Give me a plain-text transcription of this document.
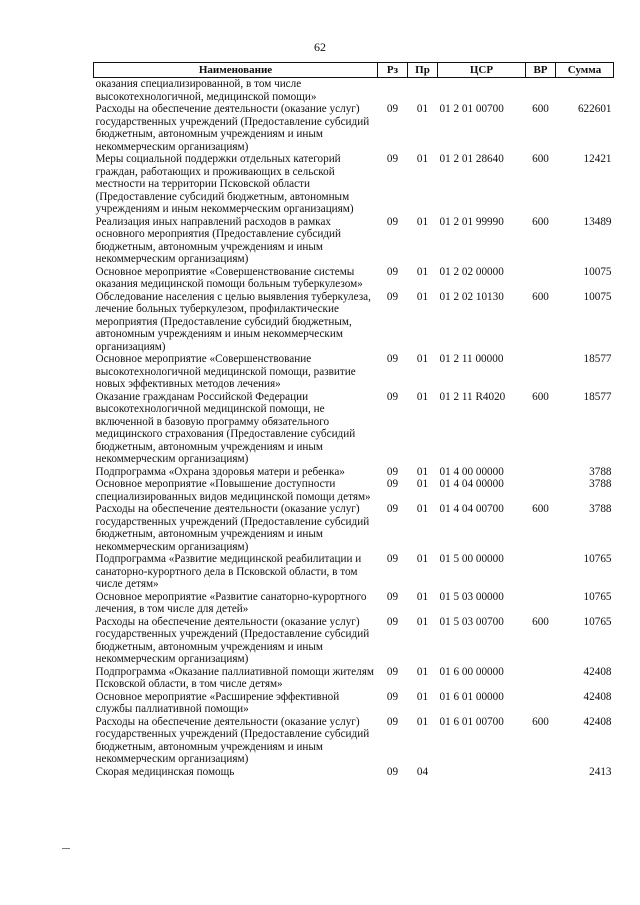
62
Наименование	Рз	Пр	ЦСР	ВР	Сумма
оказания специализированной, в том числе высокотехнологичной, медицинской помощи»					
Расходы на обеспечение деятельности (оказание услуг) государственных учреждений (Предоставление субсидий бюджетным, автономным учреждениям и иным некоммерческим организациям)	09	01	01 2 01 00700	600	622601
Меры социальной поддержки отдельных категорий граждан, работающих и проживающих в сельской местности на территории Псковской области (Предоставление субсидий бюджетным, автономным учреждениям и иным некоммерческим организациям)	09	01	01 2 01 28640	600	12421
Реализация иных направлений расходов в рамках основного мероприятия (Предоставление субсидий бюджетным, автономным учреждениям и иным некоммерческим организациям)	09	01	01 2 01 99990	600	13489
Основное мероприятие «Совершенствование системы оказания медицинской помощи больным туберкулезом»	09	01	01 2 02 00000		10075
Обследование населения с целью выявления туберкулеза, лечение больных туберкулезом, профилактические мероприятия (Предоставление субсидий бюджетным, автономным учреждениям и иным некоммерческим организациям)	09	01	01 2 02 10130	600	10075
Основное мероприятие «Совершенствование высокотехнологичной медицинской помощи, развитие новых эффективных методов лечения»	09	01	01 2 11 00000		18577
Оказание гражданам Российской Федерации высокотехнологичной медицинской помощи, не включенной в базовую программу обязательного медицинского страхования (Предоставление субсидий бюджетным, автономным учреждениям и иным некоммерческим организациям)	09	01	01 2 11 R4020	600	18577
Подпрограмма «Охрана здоровья матери и ребенка»	09	01	01 4 00 00000		3788
Основное мероприятие «Повышение доступности специализированных видов медицинской помощи детям»	09	01	01 4 04 00000		3788
Расходы на обеспечение деятельности (оказание услуг) государственных учреждений (Предоставление субсидий бюджетным, автономным учреждениям и иным некоммерческим организациям)	09	01	01 4 04 00700	600	3788
Подпрограмма «Развитие медицинской реабилитации и санаторно-курортного дела в Псковской области, в том числе детям»	09	01	01 5 00 00000		10765
Основное мероприятие «Развитие санаторно-курортного лечения, в том числе для детей»	09	01	01 5 03 00000		10765
Расходы на обеспечение деятельности (оказание услуг) государственных учреждений (Предоставление субсидий бюджетным, автономным учреждениям и иным некоммерческим организациям)	09	01	01 5 03 00700	600	10765
Подпрограмма «Оказание паллиативной помощи жителям Псковской области, в том числе детям»	09	01	01 6 00 00000		42408
Основное мероприятие «Расширение эффективной службы паллиативной помощи»	09	01	01 6 01 00000		42408
Расходы на обеспечение деятельности (оказание услуг) государственных учреждений (Предоставление субсидий бюджетным, автономным учреждениям и иным некоммерческим организациям)	09	01	01 6 01 00700	600	42408
Скорая медицинская помощь	09	04			2413
